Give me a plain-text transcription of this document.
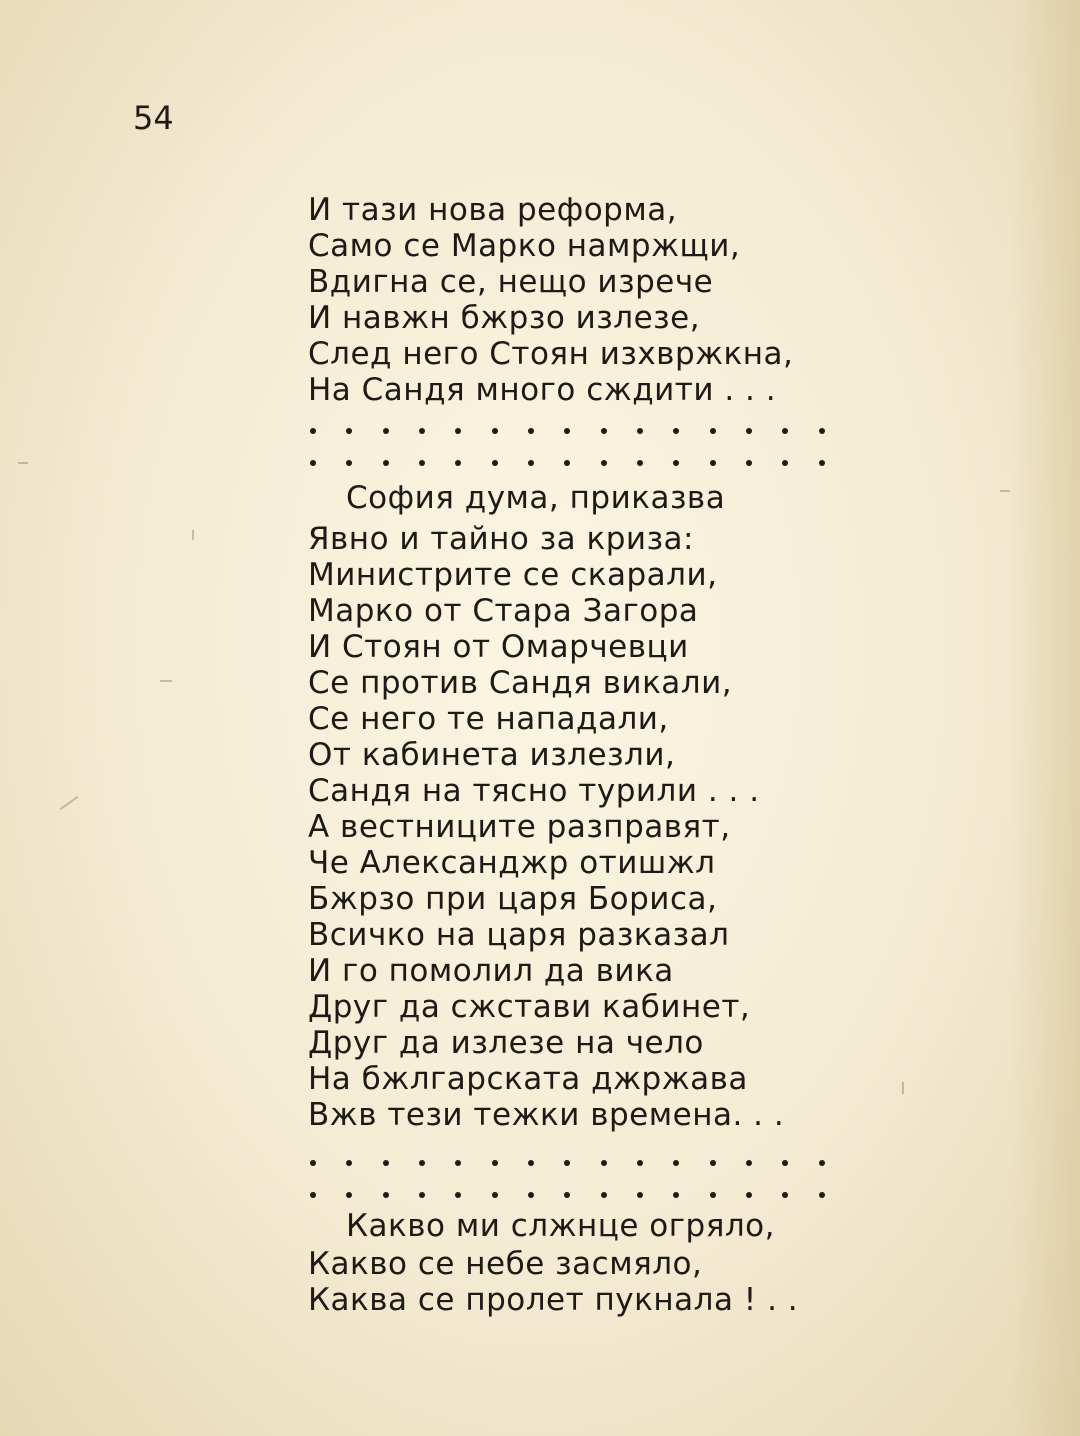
54
И тази нова реформа,
Само се Марко намржщи,
Вдигна се, нещо изрече
И навжн бжрзо излезе,
След него Стоян изхвржкна,
На Сандя много сждити . . .
София дума, приказва
Явно и тайно за криза:
Министрите се скарали,
Марко от Стара Загора
И Стоян от Омарчевци
Се против Сандя викали,
Се него те нападали,
От кабинета излезли,
Сандя на тясно турили . . .
А вестниците разправят,
Че Александжр отишжл
Бжрзо при царя Бориса,
Всичко на царя разказал
И го помолил да вика
Друг да сжстави кабинет,
Друг да излезе на чело
На бжлгарската джржава
Вжв тези тежки времена. . .
Какво ми слжнце огряло,
Какво се небе засмяло,
Каква се пролет пукнала ! . .
